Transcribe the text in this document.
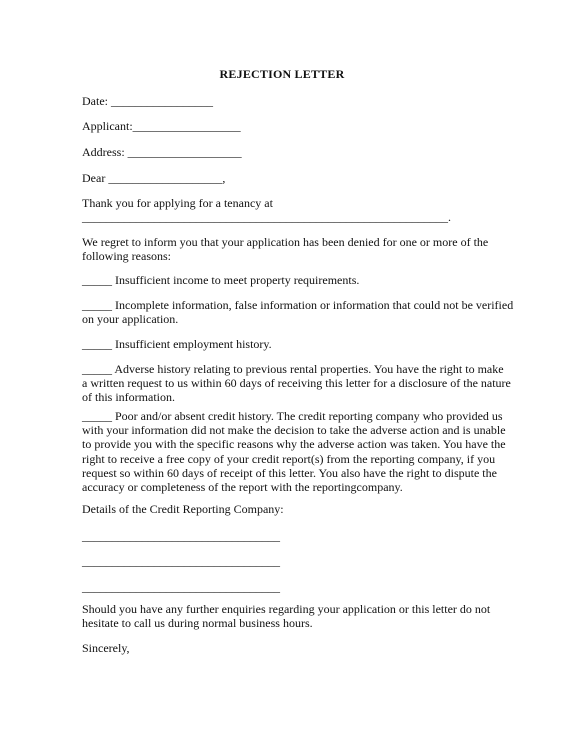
REJECTION LETTER
Date: _________________
Applicant:__________________
Address: ___________________
Dear ___________________,

Thank you for applying for a tenancy at

_____________________________________________________________.

We regret to inform you that your application has been denied for one or more of the

following reasons:

_____ Insufficient income to meet property requirements.

_____ Incomplete information, false information or information that could not be verified

on your application.

_____ Insufficient employment history.

_____ Adverse history relating to previous rental properties. You have the right to make

a written request to us within 60 days of receiving this letter for a disclosure of the nature

of this information.

_____ Poor and/or absent credit history. The credit reporting company who provided us

with your information did not make the decision to take the adverse action and is unable

to provide you with the specific reasons why the adverse action was taken. You have the

right to receive a free copy of your credit report(s) from the reporting company, if you

request so within 60 days of receipt of this letter. You also have the right to dispute the

accuracy or completeness of the report with the reportingcompany.

Details of the Credit Reporting Company:
_________________________________
_________________________________
_________________________________

Should you have any further enquiries regarding your application or this letter do not

hesitate to call us during normal business hours.

Sincerely,
